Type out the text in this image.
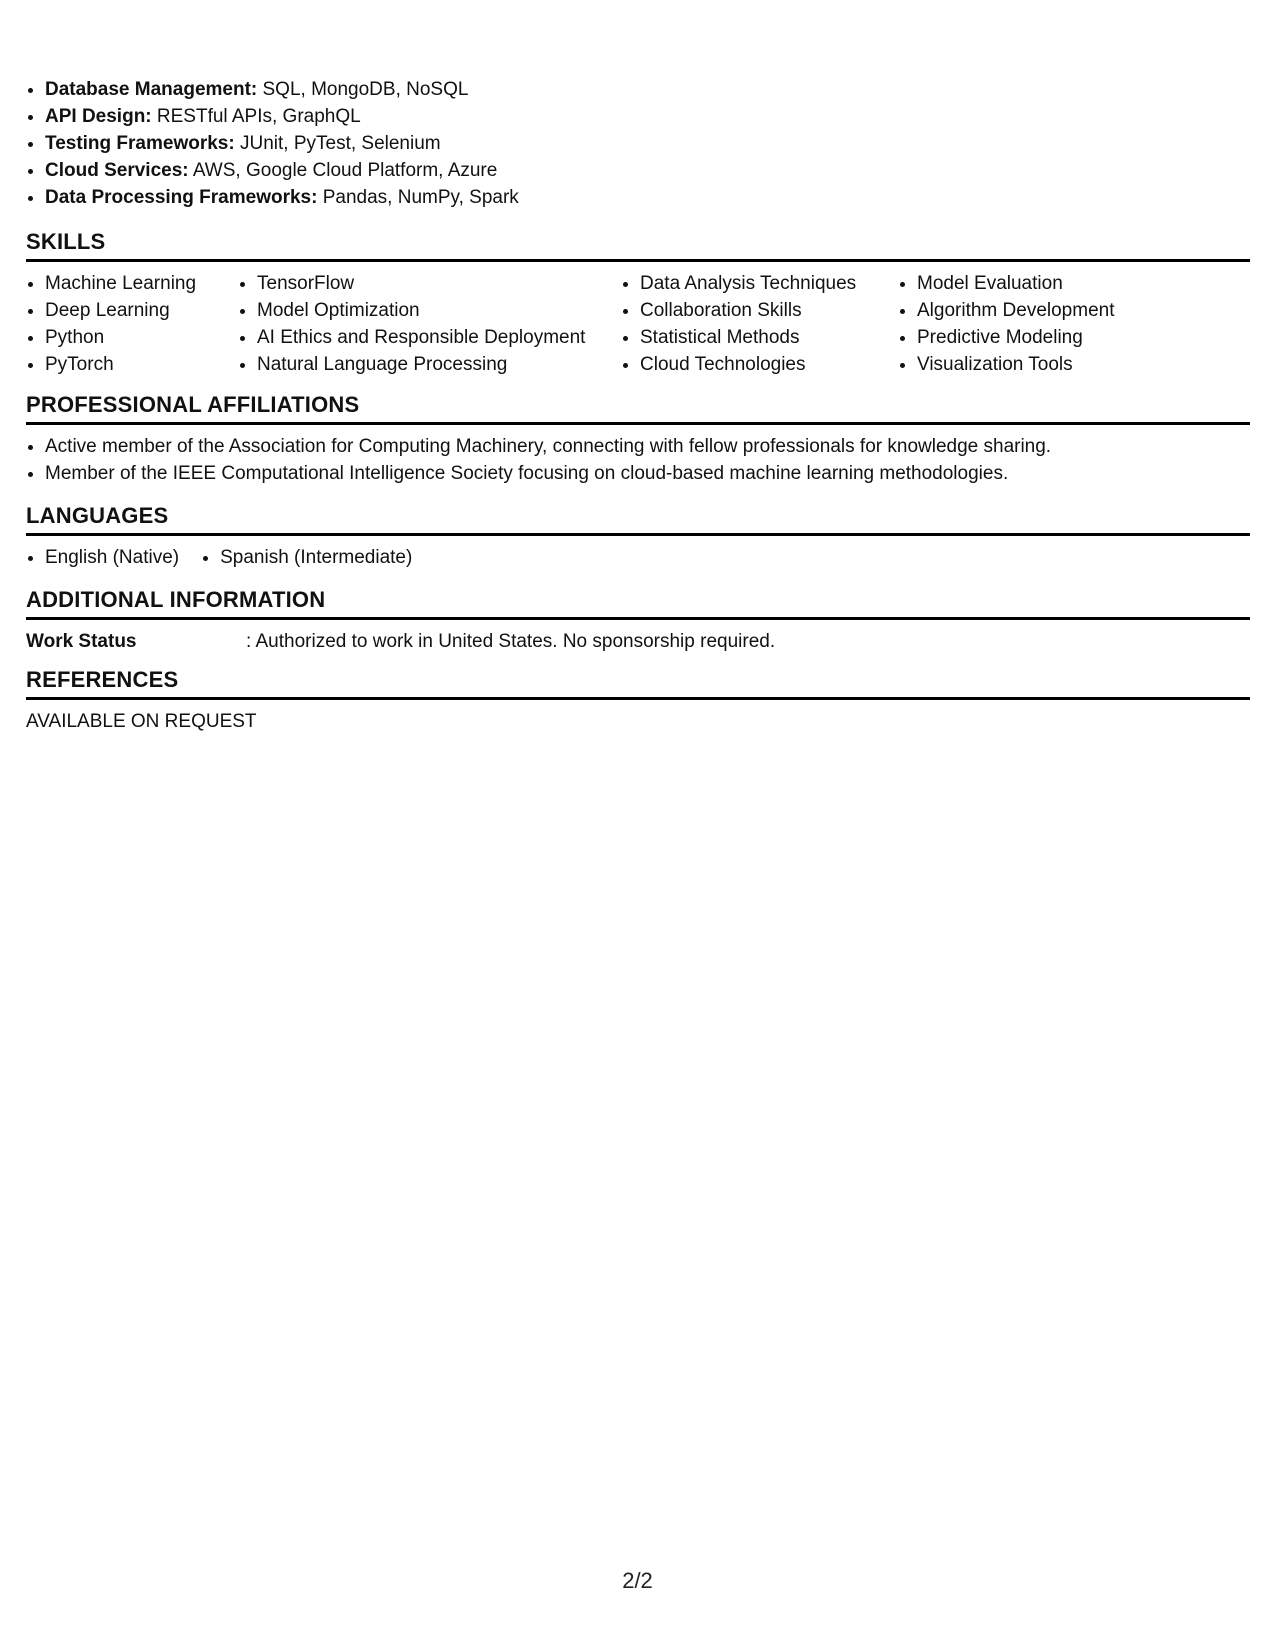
• Database Management: SQL, MongoDB, NoSQL
• API Design: RESTful APIs, GraphQL
• Testing Frameworks: JUnit, PyTest, Selenium
• Cloud Services: AWS, Google Cloud Platform, Azure
• Data Processing Frameworks: Pandas, NumPy, Spark
SKILLS
• Machine Learning
• Deep Learning
• Python
• PyTorch
• TensorFlow
• Model Optimization
• AI Ethics and Responsible Deployment
• Natural Language Processing
• Data Analysis Techniques
• Collaboration Skills
• Statistical Methods
• Cloud Technologies
• Model Evaluation
• Algorithm Development
• Predictive Modeling
• Visualization Tools
PROFESSIONAL AFFILIATIONS
• Active member of the Association for Computing Machinery, connecting with fellow professionals for knowledge sharing.
• Member of the IEEE Computational Intelligence Society focusing on cloud-based machine learning methodologies.
LANGUAGES
• English (Native)
• Spanish (Intermediate)
ADDITIONAL INFORMATION
Work Status	: Authorized to work in United States. No sponsorship required.
REFERENCES
AVAILABLE ON REQUEST
2/2
